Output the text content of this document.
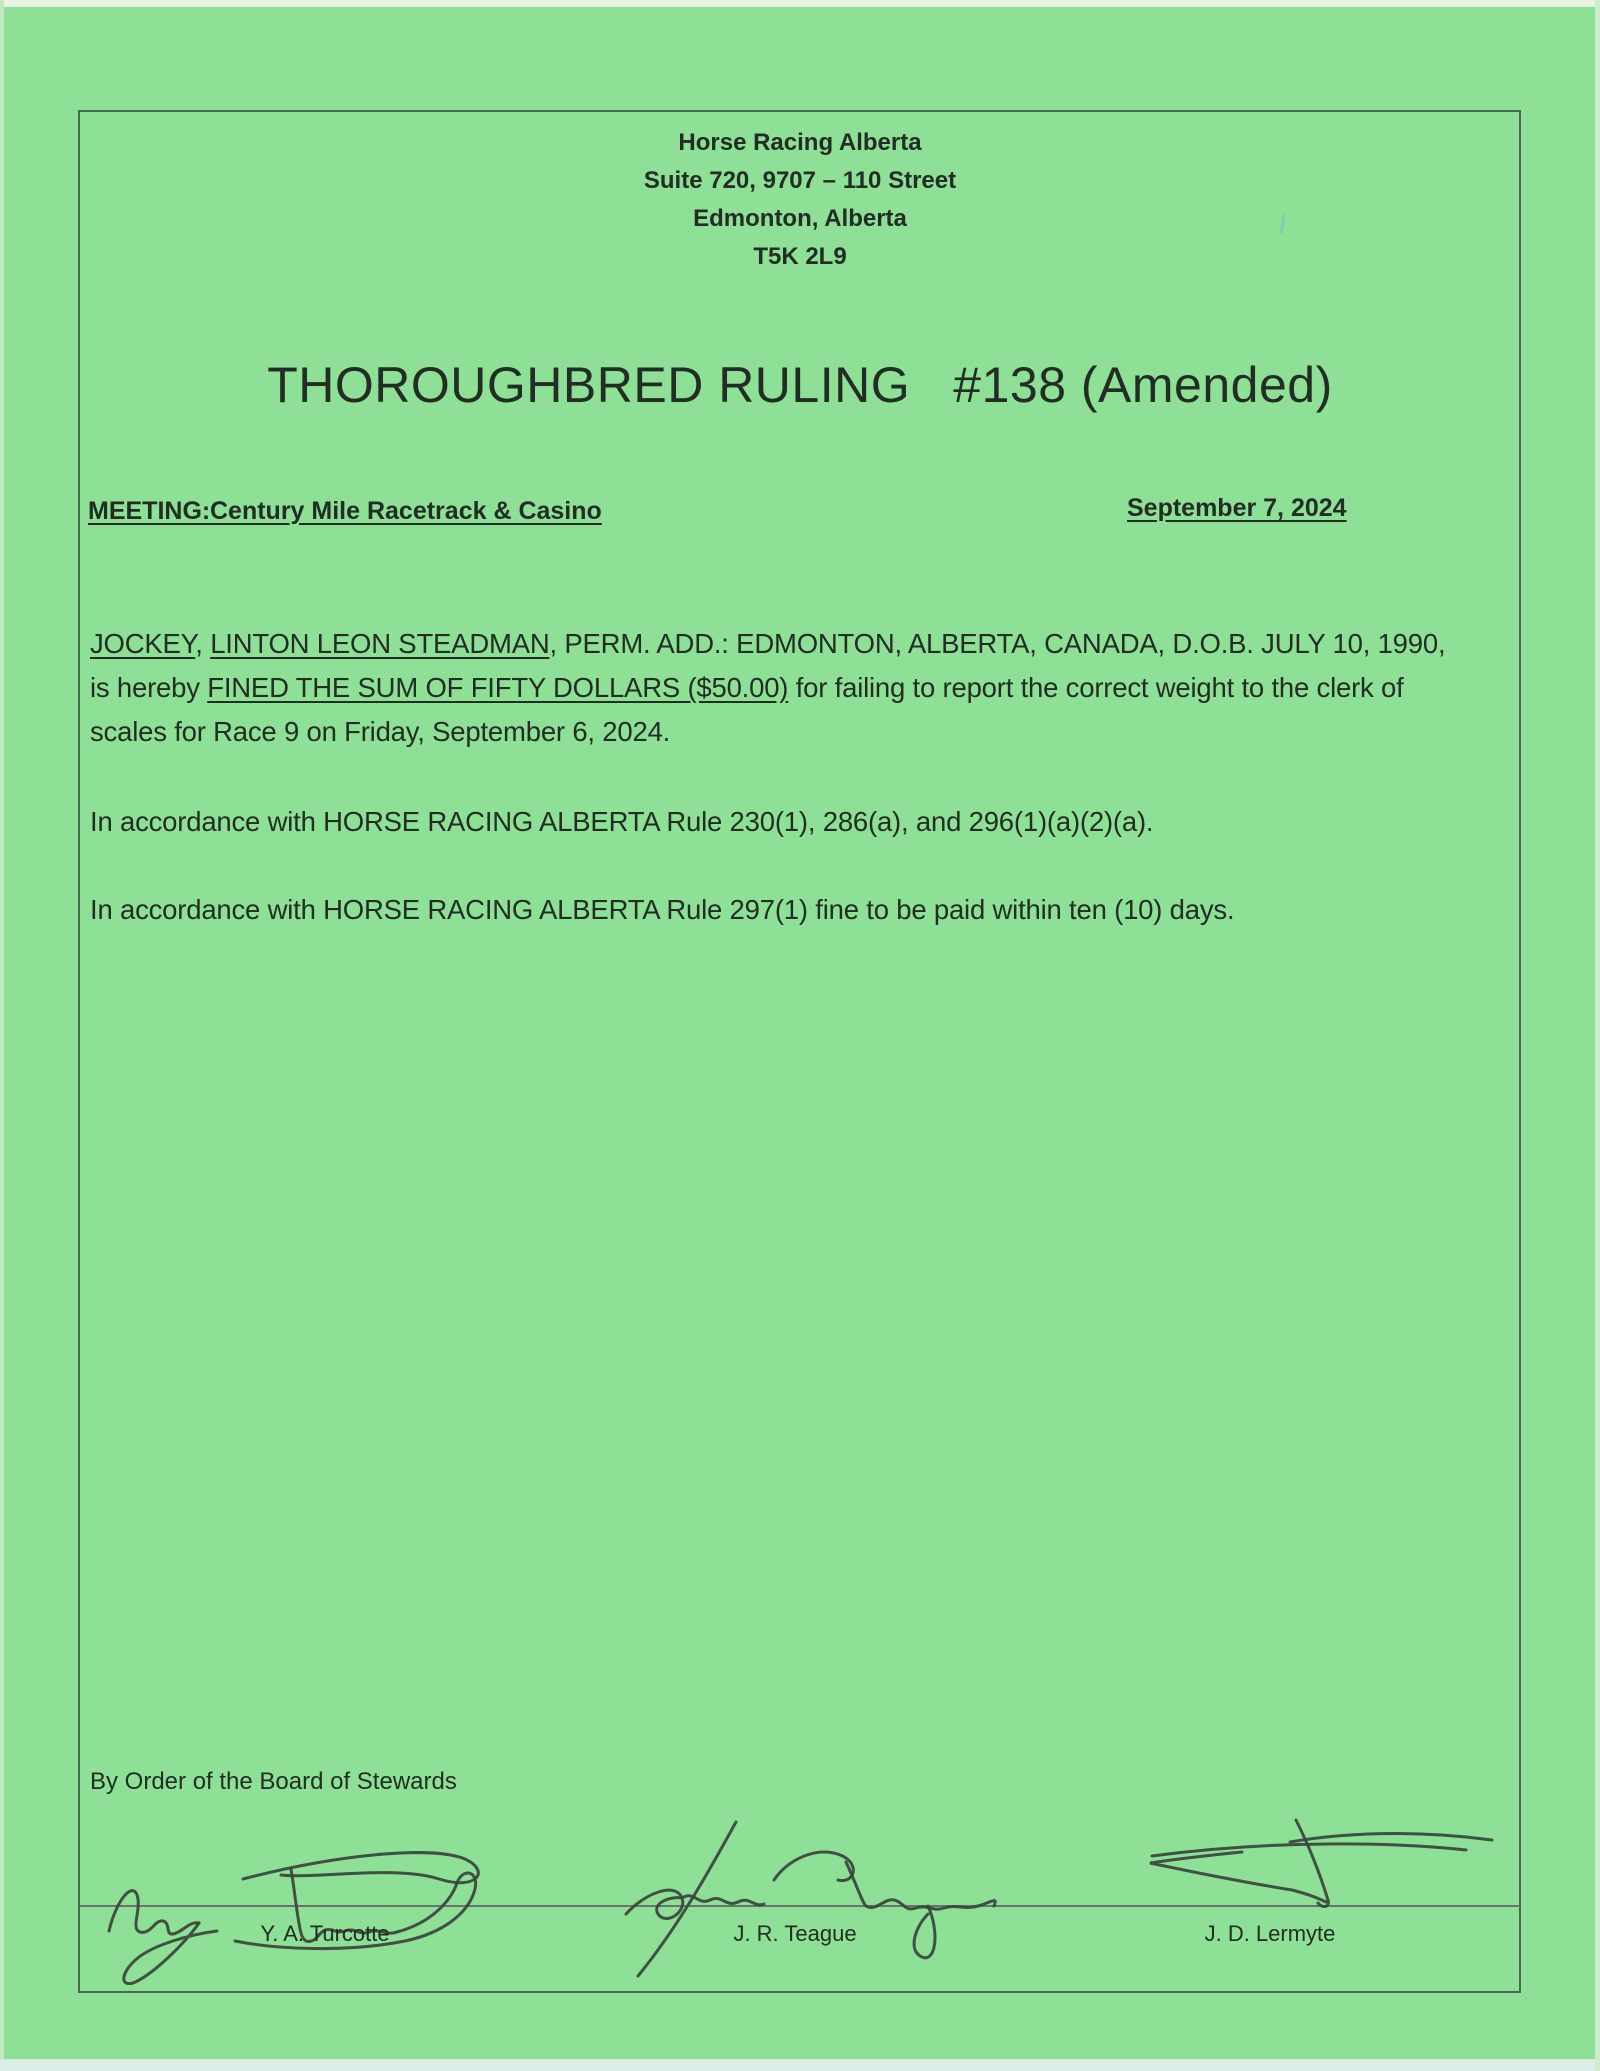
Horse Racing Alberta
Suite 720, 9707 – 110 Street
Edmonton, Alberta
T5K 2L9
THOROUGHBRED RULING   #138 (Amended)
MEETING: Century Mile Racetrack & Casino	September 7, 2024
JOCKEY, LINTON LEON STEADMAN, PERM. ADD.: EDMONTON, ALBERTA, CANADA, D.O.B. JULY 10, 1990, is hereby FINED THE SUM OF FIFTY DOLLARS ($50.00) for failing to report the correct weight to the clerk of scales for Race 9 on Friday, September 6, 2024.
In accordance with HORSE RACING ALBERTA Rule 230(1), 286(a), and 296(1)(a)(2)(a).
In accordance with HORSE RACING ALBERTA Rule 297(1) fine to be paid within ten (10) days.
By Order of the Board of Stewards
Y. A. Turcotte	J. R. Teague	J. D. Lermyte
